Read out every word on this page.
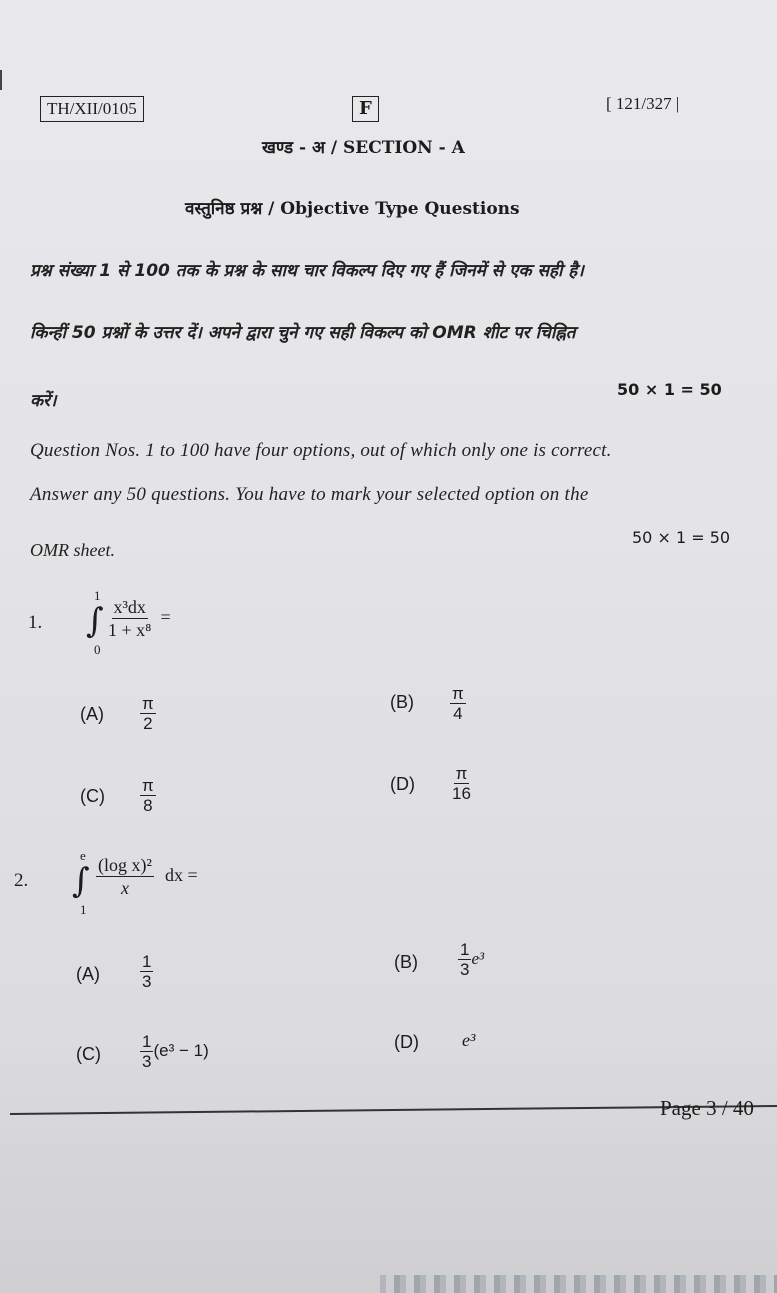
TH/XII/0105	F	[ 121/327 |
खण्ड - अ / SECTION - A
वस्तुनिष्ठ प्रश्न / Objective Type Questions
प्रश्न संख्या 1 से 100 तक के प्रश्न के साथ चार विकल्प दिए गए हैं जिनमें से एक सही है।
किन्हीं 50 प्रश्नों के उत्तर दें। अपने द्वारा चुने गए सही विकल्प को OMR शीट पर चिह्नित
करें।
50 × 1 = 50
Question Nos. 1 to 100 have four options, out of which only one is correct.
Answer any 50 questions. You have to mark your selected option on the
OMR sheet.
50 × 1 = 50
1.
1
∫
0
$\frac{\text{x³dx}}{\text{1 + x⁸}}$ =
$(A) \frac{\pi}{2}$	$(B) \frac{\pi}{4}$
$(C) \frac{\pi}{8}$	$(D) \frac{\pi}{16}$
2.
e
∫
1
$\frac{\text{(log x)²}}{x}$ dx =
$(A) \frac{1}{3}$	$(B) \frac{1}{3} e^3$
$(C) \frac{1}{3} (e^3 - 1)$	(D) e³
Page 3 / 40
